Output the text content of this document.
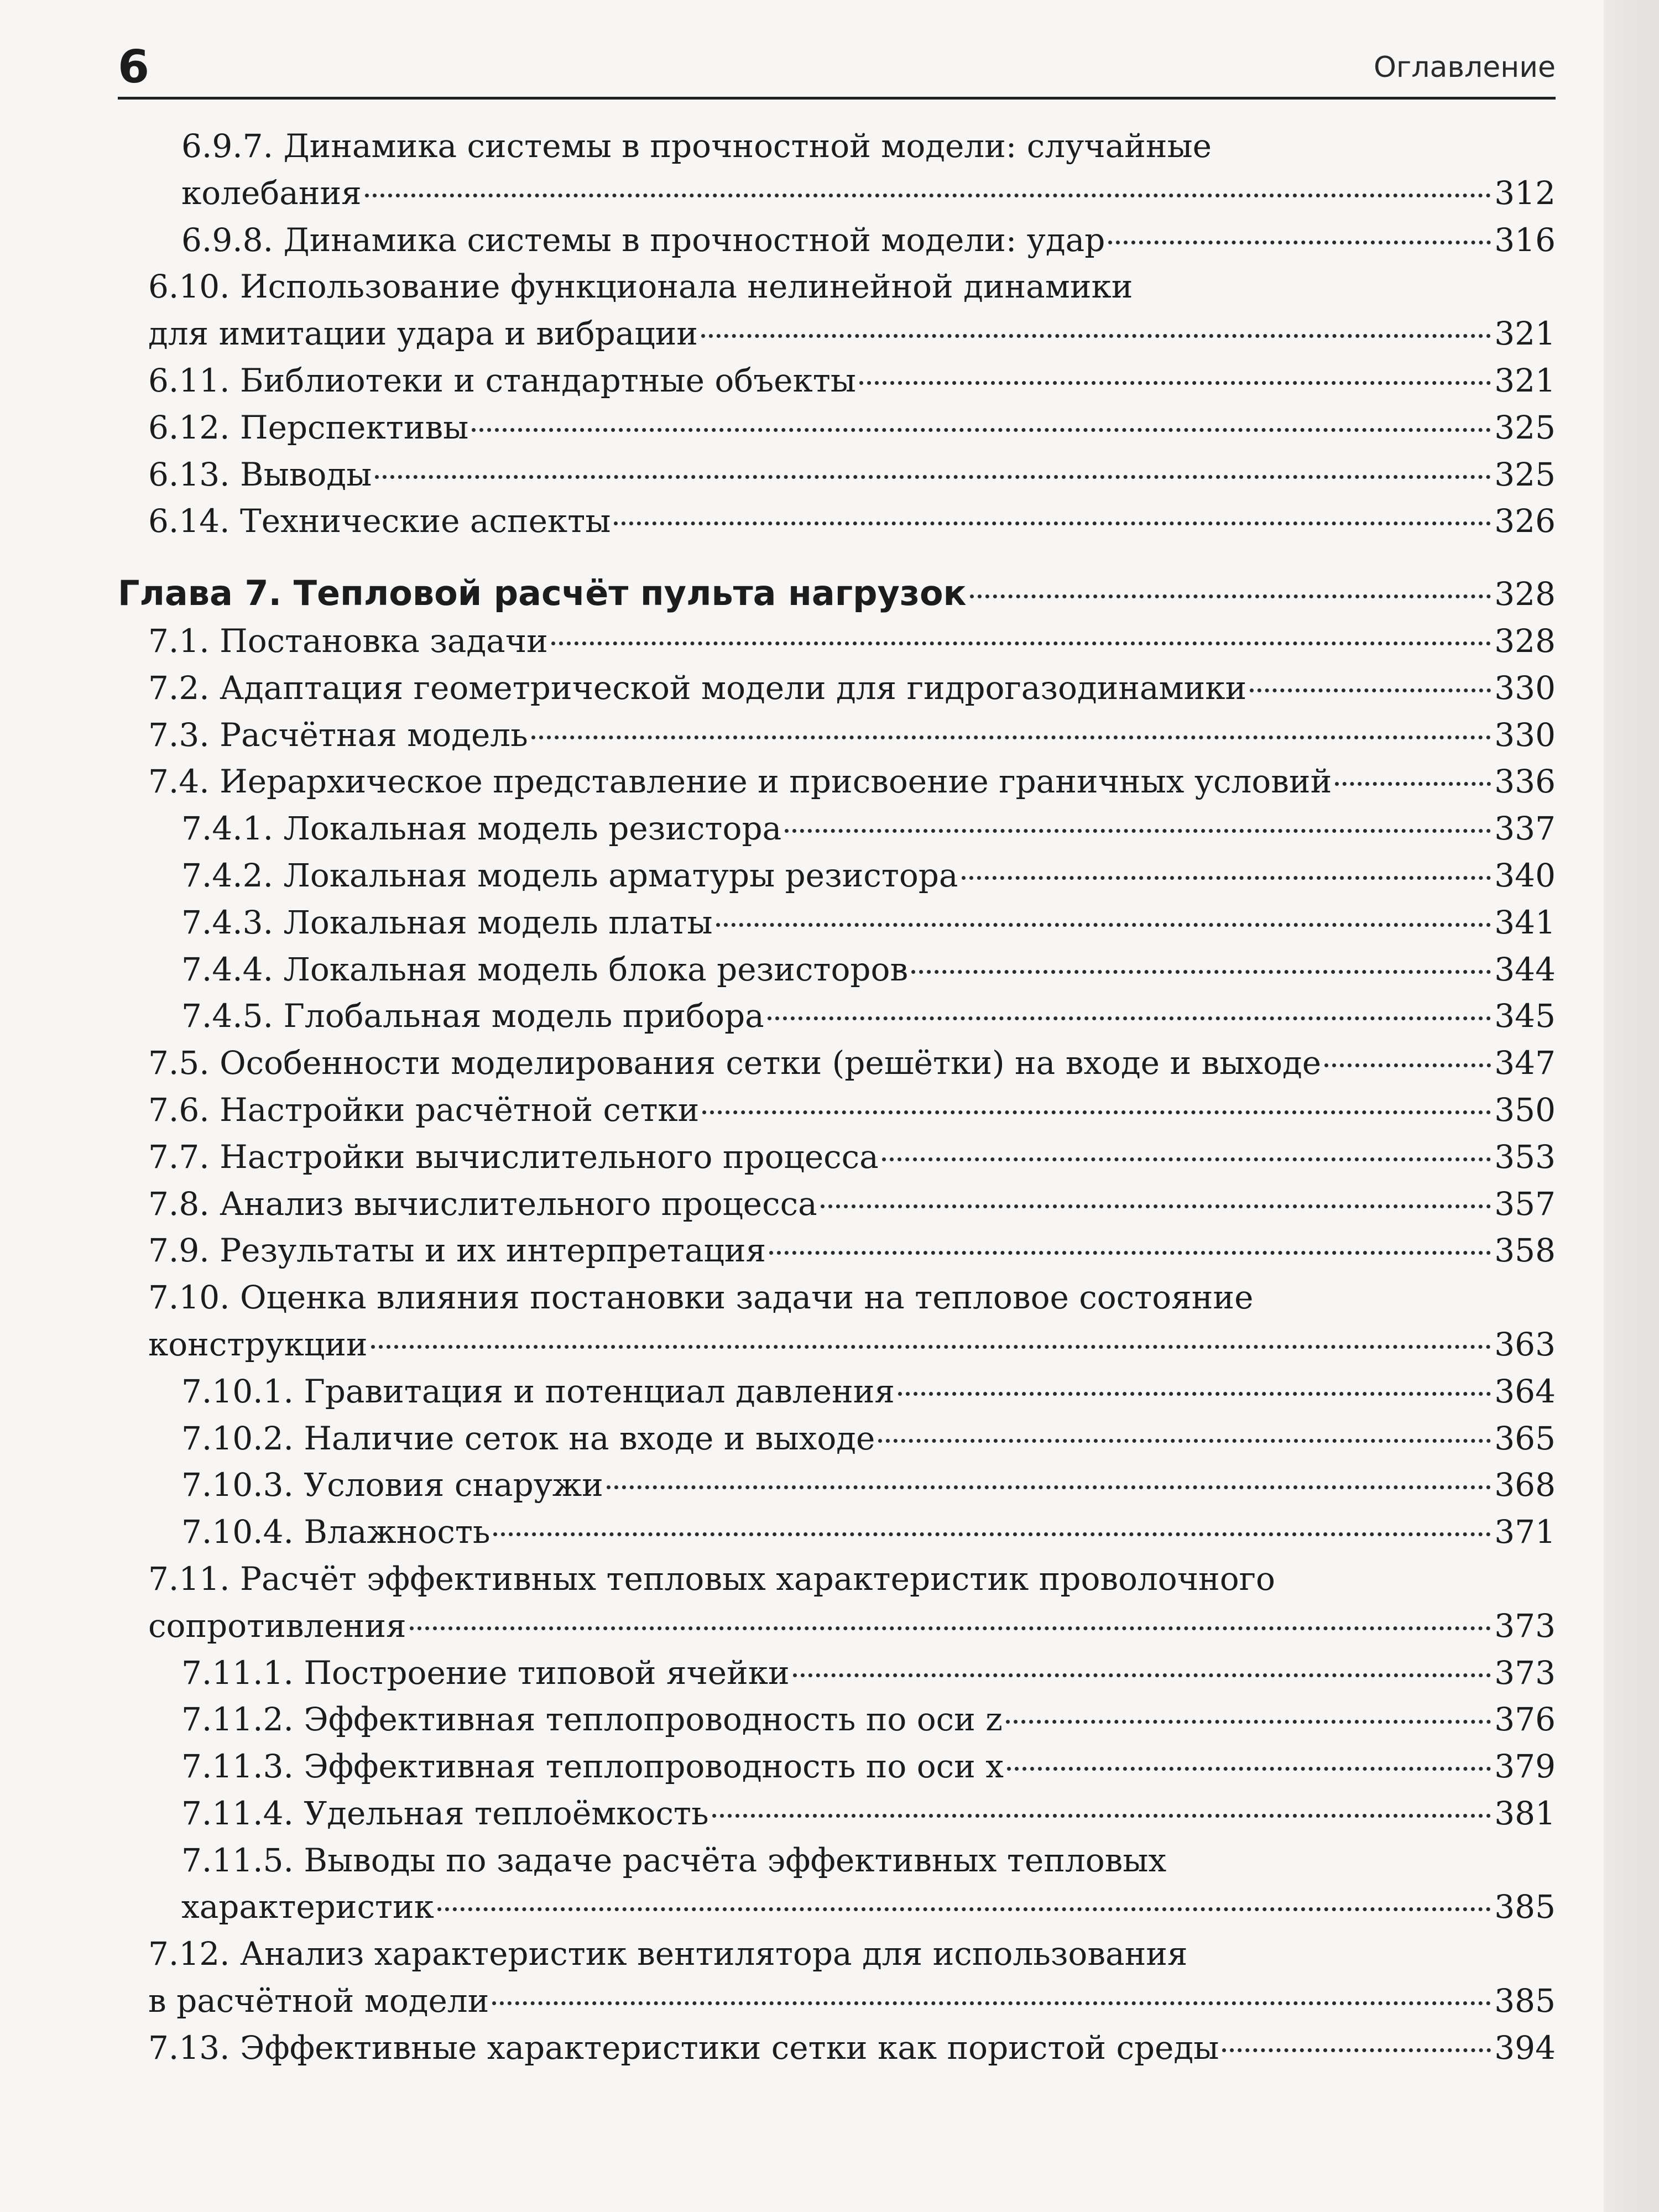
6	Оглавление
6.9.7. Динамика системы в прочностной модели: случайные
колебания	312
6.9.8. Динамика системы в прочностной модели: удар	316
6.10. Использование функционала нелинейной динамики
для имитации удара и вибрации	321
6.11. Библиотеки и стандартные объекты	321
6.12. Перспективы	325
6.13. Выводы	325
6.14. Технические аспекты	326
Глава 7. Тепловой расчёт пульта нагрузок	328
7.1. Постановка задачи	328
7.2. Адаптация геометрической модели для гидрогазодинамики	330
7.3. Расчётная модель	330
7.4. Иерархическое представление и присвоение граничных условий	336
7.4.1. Локальная модель резистора	337
7.4.2. Локальная модель арматуры резистора	340
7.4.3. Локальная модель платы	341
7.4.4. Локальная модель блока резисторов	344
7.4.5. Глобальная модель прибора	345
7.5. Особенности моделирования сетки (решётки) на входе и выходе	347
7.6. Настройки расчётной сетки	350
7.7. Настройки вычислительного процесса	353
7.8. Анализ вычислительного процесса	357
7.9. Результаты и их интерпретация	358
7.10. Оценка влияния постановки задачи на тепловое состояние
конструкции	363
7.10.1. Гравитация и потенциал давления	364
7.10.2. Наличие сеток на входе и выходе	365
7.10.3. Условия снаружи	368
7.10.4. Влажность	371
7.11. Расчёт эффективных тепловых характеристик проволочного
сопротивления	373
7.11.1. Построение типовой ячейки	373
7.11.2. Эффективная теплопроводность по оси z	376
7.11.3. Эффективная теплопроводность по оси x	379
7.11.4. Удельная теплоёмкость	381
7.11.5. Выводы по задаче расчёта эффективных тепловых
характеристик	385
7.12. Анализ характеристик вентилятора для использования
в расчётной модели	385
7.13. Эффективные характеристики сетки как пористой среды	394
